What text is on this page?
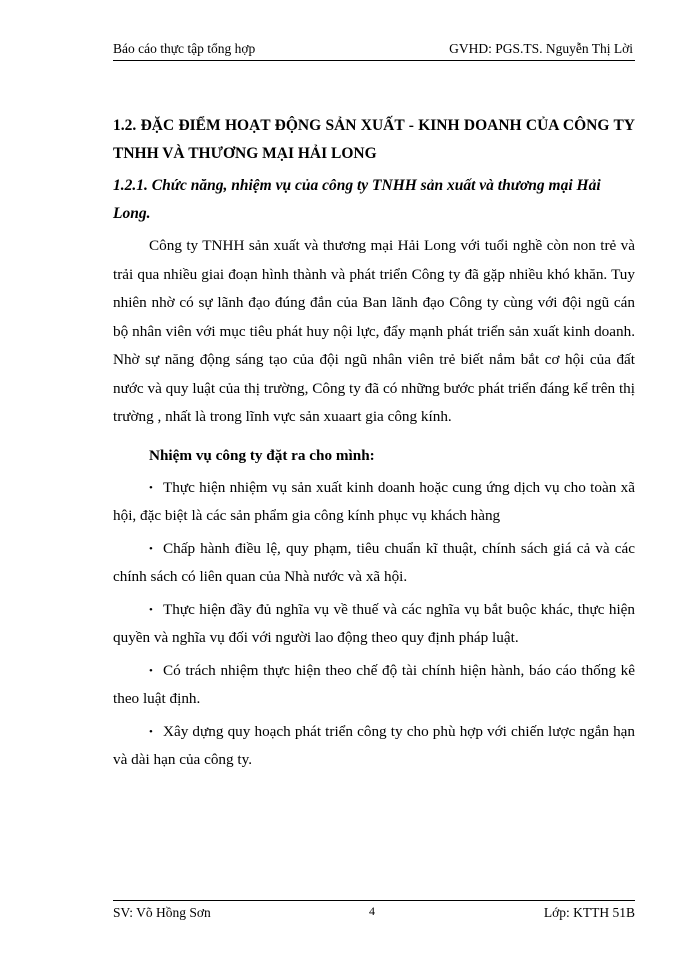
Báo cáo thực tập tổng hợp	GVHD: PGS.TS. Nguyễn Thị Lời

1.2. ĐẶC ĐIỂM HOẠT ĐỘNG SẢN XUẤT - KINH DOANH CỦA CÔNG TY TNHH VÀ THƯƠNG MẠI HẢI LONG

1.2.1. Chức năng, nhiệm vụ của công ty TNHH sản xuất và thương mại Hải Long.

Công ty TNHH sản xuất và thương mại Hải Long với tuổi nghề còn non trẻ và trải qua nhiều giai đoạn hình thành và phát triển Công ty đã gặp nhiều khó khăn. Tuy nhiên nhờ có sự lãnh đạo đúng đắn của Ban lãnh đạo Công ty cùng với đội ngũ cán bộ nhân viên với mục tiêu phát huy nội lực, đẩy mạnh phát triển sản xuất kinh doanh. Nhờ sự năng động sáng tạo của đội ngũ nhân viên trẻ biết nắm bắt cơ hội của đất nước và quy luật của thị trường, Công ty đã có những bước phát triển đáng kể trên thị trường , nhất là trong lĩnh vực sản xuaart gia công kính.

Nhiệm vụ công ty đặt ra cho mình:

• Thực hiện nhiệm vụ sản xuất kinh doanh hoặc cung ứng dịch vụ cho toàn xã hội, đặc biệt là các sản phẩm gia công kính phục vụ khách hàng

• Chấp hành điều lệ, quy phạm, tiêu chuẩn kĩ thuật, chính sách giá cả và các chính sách có liên quan của Nhà nước và xã hội.

• Thực hiện đầy đủ nghĩa vụ về thuế và các nghĩa vụ bắt buộc khác, thực hiện quyền và nghĩa vụ đối với người lao động theo quy định pháp luật.

• Có trách nhiệm thực hiện theo chế độ tài chính hiện hành, báo cáo thống kê theo luật định.

• Xây dựng quy hoạch phát triển công ty cho phù hợp với chiến lược ngắn hạn và dài hạn của công ty.

SV: Võ Hồng Sơn	4	Lớp: KTTH 51B
